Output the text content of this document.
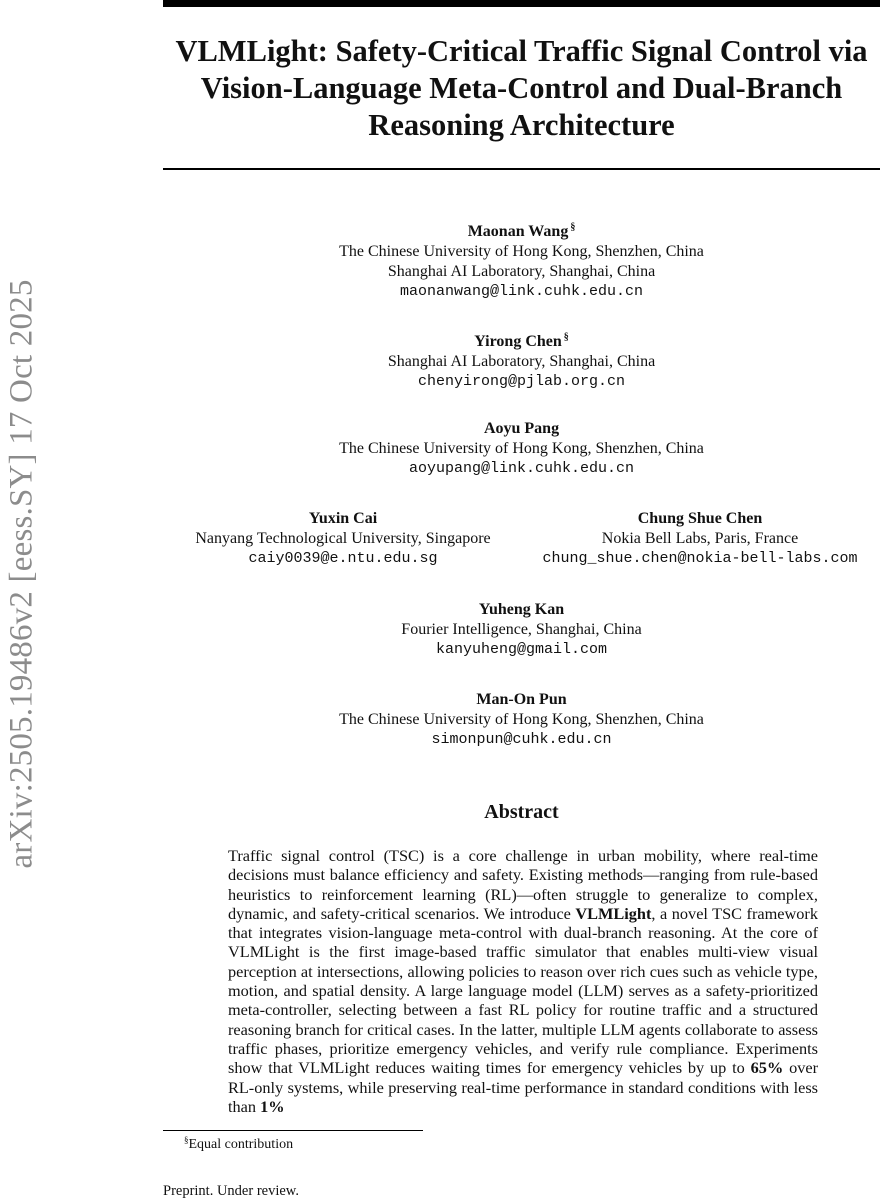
arXiv:2505.19486v2 [eess.SY] 17 Oct 2025
VLMLight: Safety-Critical Traffic Signal Control via Vision-Language Meta-Control and Dual-Branch Reasoning Architecture
Maonan Wang §
The Chinese University of Hong Kong, Shenzhen, China
Shanghai AI Laboratory, Shanghai, China
maonanwang@link.cuhk.edu.cn
Yirong Chen §
Shanghai AI Laboratory, Shanghai, China
chenyirong@pjlab.org.cn
Aoyu Pang
The Chinese University of Hong Kong, Shenzhen, China
aoyupang@link.cuhk.edu.cn
Yuxin Cai
Nanyang Technological University, Singapore
caiy0039@e.ntu.edu.sg
Chung Shue Chen
Nokia Bell Labs, Paris, France
chung_shue.chen@nokia-bell-labs.com
Yuheng Kan
Fourier Intelligence, Shanghai, China
kanyuheng@gmail.com
Man-On Pun
The Chinese University of Hong Kong, Shenzhen, China
simonpun@cuhk.edu.cn
Abstract

Traffic signal control (TSC) is a core challenge in urban mobility, where real-time decisions must balance efficiency and safety. Existing methods—ranging from rule-based heuristics to reinforcement learning (RL)—often struggle to generalize to complex, dynamic, and safety-critical scenarios. We introduce VLMLight, a novel TSC framework that integrates vision-language meta-control with dual-branch reasoning. At the core of VLMLight is the first image-based traffic simulator that enables multi-view visual perception at intersections, allowing policies to reason over rich cues such as vehicle type, motion, and spatial density. A large language model (LLM) serves as a safety-prioritized meta-controller, selecting between a fast RL policy for routine traffic and a structured reasoning branch for critical cases. In the latter, multiple LLM agents collaborate to assess traffic phases, prioritize emergency vehicles, and verify rule compliance. Experiments show that VLMLight reduces waiting times for emergency vehicles by up to 65% over RL-only systems, while preserving real-time performance in standard conditions with less than 1%

§Equal contribution
Preprint. Under review.
